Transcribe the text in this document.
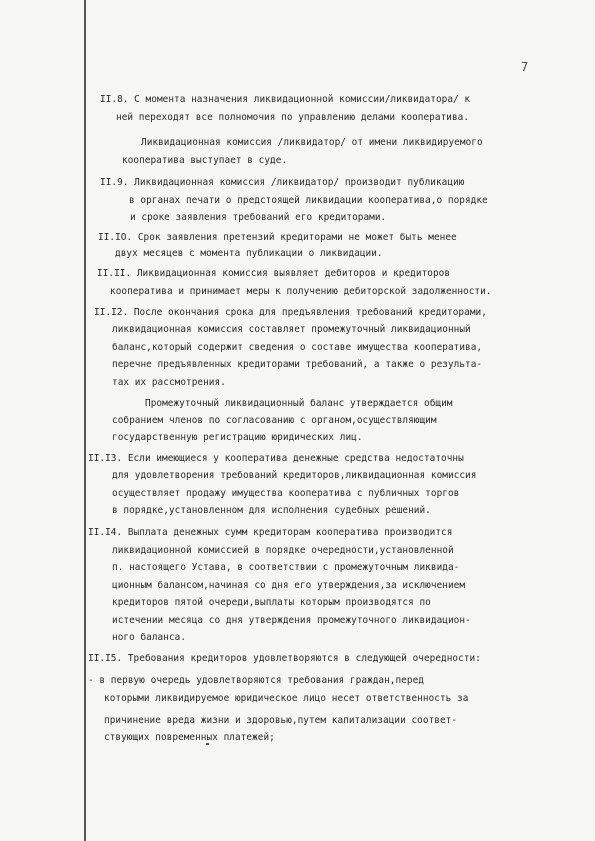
7
II.8. С момента назначения ликвидационной комиссии/ликвидатора/ к
ней переходят все полномочия по управлению делами кооператива.
Ликвидационная комиссия /ликвидатор/ от имени ликвидируемого
кооператива выступает в суде.
II.9. Ликвидационная комиссия /ликвидатор/ производит публикацию
в органах печати о предстоящей ликвидации кооператива,о порядке
и сроке заявления требований его кредиторами.
II.IO. Срок заявления претензий кредиторами не может быть менее
двух месяцев с момента публикации о ликвидации.
II.II. Ликвидационная комиссия выявляет дебиторов и кредиторов
кооператива и принимает меры к получению дебиторской задолженности.
II.I2. После окончания срока для предъявления требований кредиторами,
ликвидационная комиссия составляет промежуточный ликвидационный
баланс,который содержит сведения о составе имущества кооператива,
перечне предъявленных кредиторами требований, а также о результа-
тах их рассмотрения.
Промежуточный ликвидационный баланс утверждается общим
собранием членов по согласованию с органом,осуществляющим
государственную регистрацию юридических лиц.
II.I3. Если имеющиеся у кооператива денежные средства недостаточны
для удовлетворения требований кредиторов,ликвидационная комиссия
осуществляет продажу имущества кооператива с публичных торгов
в порядке,установленном для исполнения судебных решений.
II.I4. Выплата денежных сумм кредиторам кооператива производится
ликвидационной комиссией в порядке очередности,установленной
п. настоящего Устава, в соответствии с промежуточным ликвида-
ционным балансом,начиная со дня его утверждения,за исключением
кредиторов пятой очереди,выплаты которым производятся по
истечении месяца со дня утверждения промежуточного ликвидацион-
ного баланса.
II.I5. Требования кредиторов удовлетворяются в следующей очередности:
- в первую очередь удовлетворяются требования граждан,перед
которыми ликвидируемое юридическое лицо несет ответственность за
причинение вреда жизни и здоровью,путем капитализации соответ-
ствующих повременных платежей;
